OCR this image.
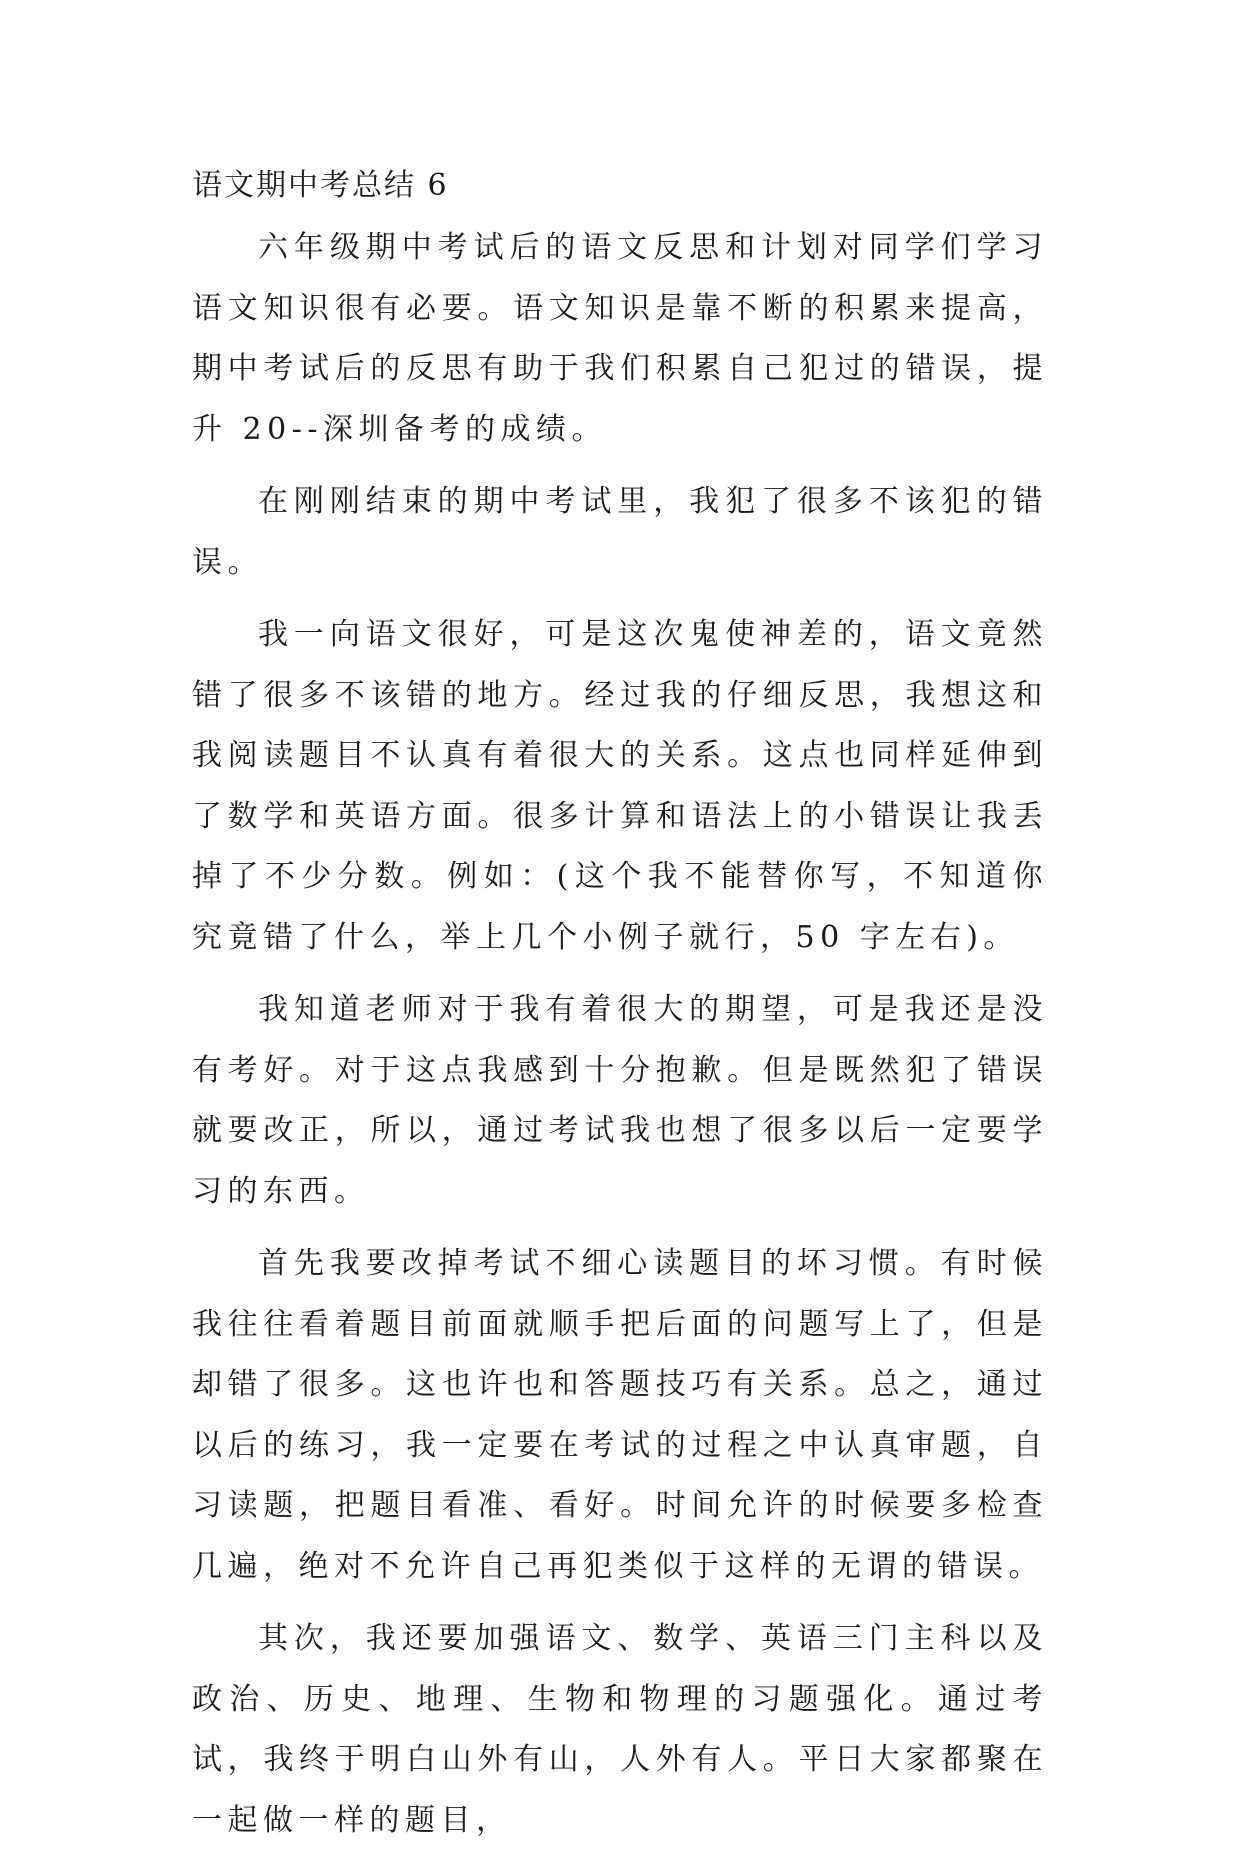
语文期中考总结 6

六年级期中考试后的语文反思和计划对同学们学习语文知识很有必要。语文知识是靠不断的积累来提高，期中考试后的反思有助于我们积累自己犯过的错误，提升 20--深圳备考的成绩。

在刚刚结束的期中考试里，我犯了很多不该犯的错误。

我一向语文很好，可是这次鬼使神差的，语文竟然错了很多不该错的地方。经过我的仔细反思，我想这和我阅读题目不认真有着很大的关系。这点也同样延伸到了数学和英语方面。很多计算和语法上的小错误让我丢掉了不少分数。例如：(这个我不能替你写，不知道你究竟错了什么，举上几个小例子就行，50 字左右)。

我知道老师对于我有着很大的期望，可是我还是没有考好。对于这点我感到十分抱歉。但是既然犯了错误就要改正，所以，通过考试我也想了很多以后一定要学习的东西。

首先我要改掉考试不细心读题目的坏习惯。有时候我往往看着题目前面就顺手把后面的问题写上了，但是却错了很多。这也许也和答题技巧有关系。总之，通过以后的练习，我一定要在考试的过程之中认真审题，自习读题，把题目看准、看好。时间允许的时候要多检查几遍，绝对不允许自己再犯类似于这样的无谓的错误。

其次，我还要加强语文、数学、英语三门主科以及政治、历史、地理、生物和物理的习题强化。通过考试，我终于明白山外有山，人外有人。平日大家都聚在一起做一样的题目，
